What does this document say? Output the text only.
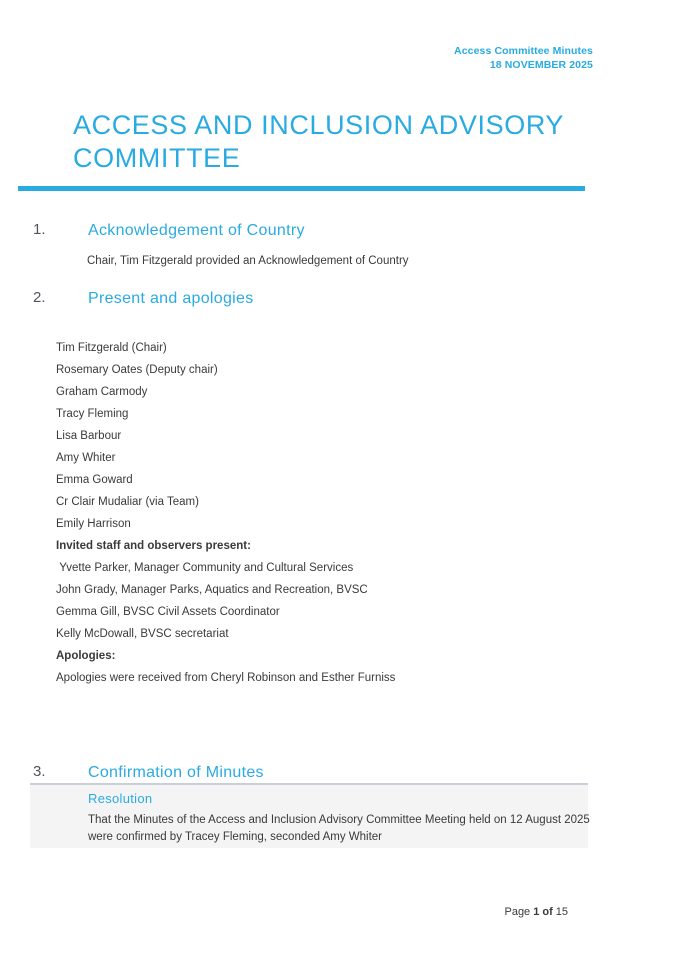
Access Committee Minutes
18 NOVEMBER 2025
ACCESS AND INCLUSION ADVISORY
COMMITTEE
1.	Acknowledgement of Country
Chair, Tim Fitzgerald provided an Acknowledgement of Country
2.	Present and apologies
Tim Fitzgerald (Chair)
Rosemary Oates (Deputy chair)
Graham Carmody
Tracy Fleming
Lisa Barbour
Amy Whiter
Emma Goward
Cr Clair Mudaliar (via Team)
Emily Harrison
Invited staff and observers present:
Yvette Parker, Manager Community and Cultural Services
John Grady, Manager Parks, Aquatics and Recreation, BVSC
Gemma Gill, BVSC Civil Assets Coordinator
Kelly McDowall, BVSC secretariat
Apologies:
Apologies were received from Cheryl Robinson and Esther Furniss
3.	Confirmation of Minutes
Resolution
That the Minutes of the Access and Inclusion Advisory Committee Meeting held on 12 August 2025 were confirmed by Tracey Fleming, seconded Amy Whiter
Page 1 of 15
